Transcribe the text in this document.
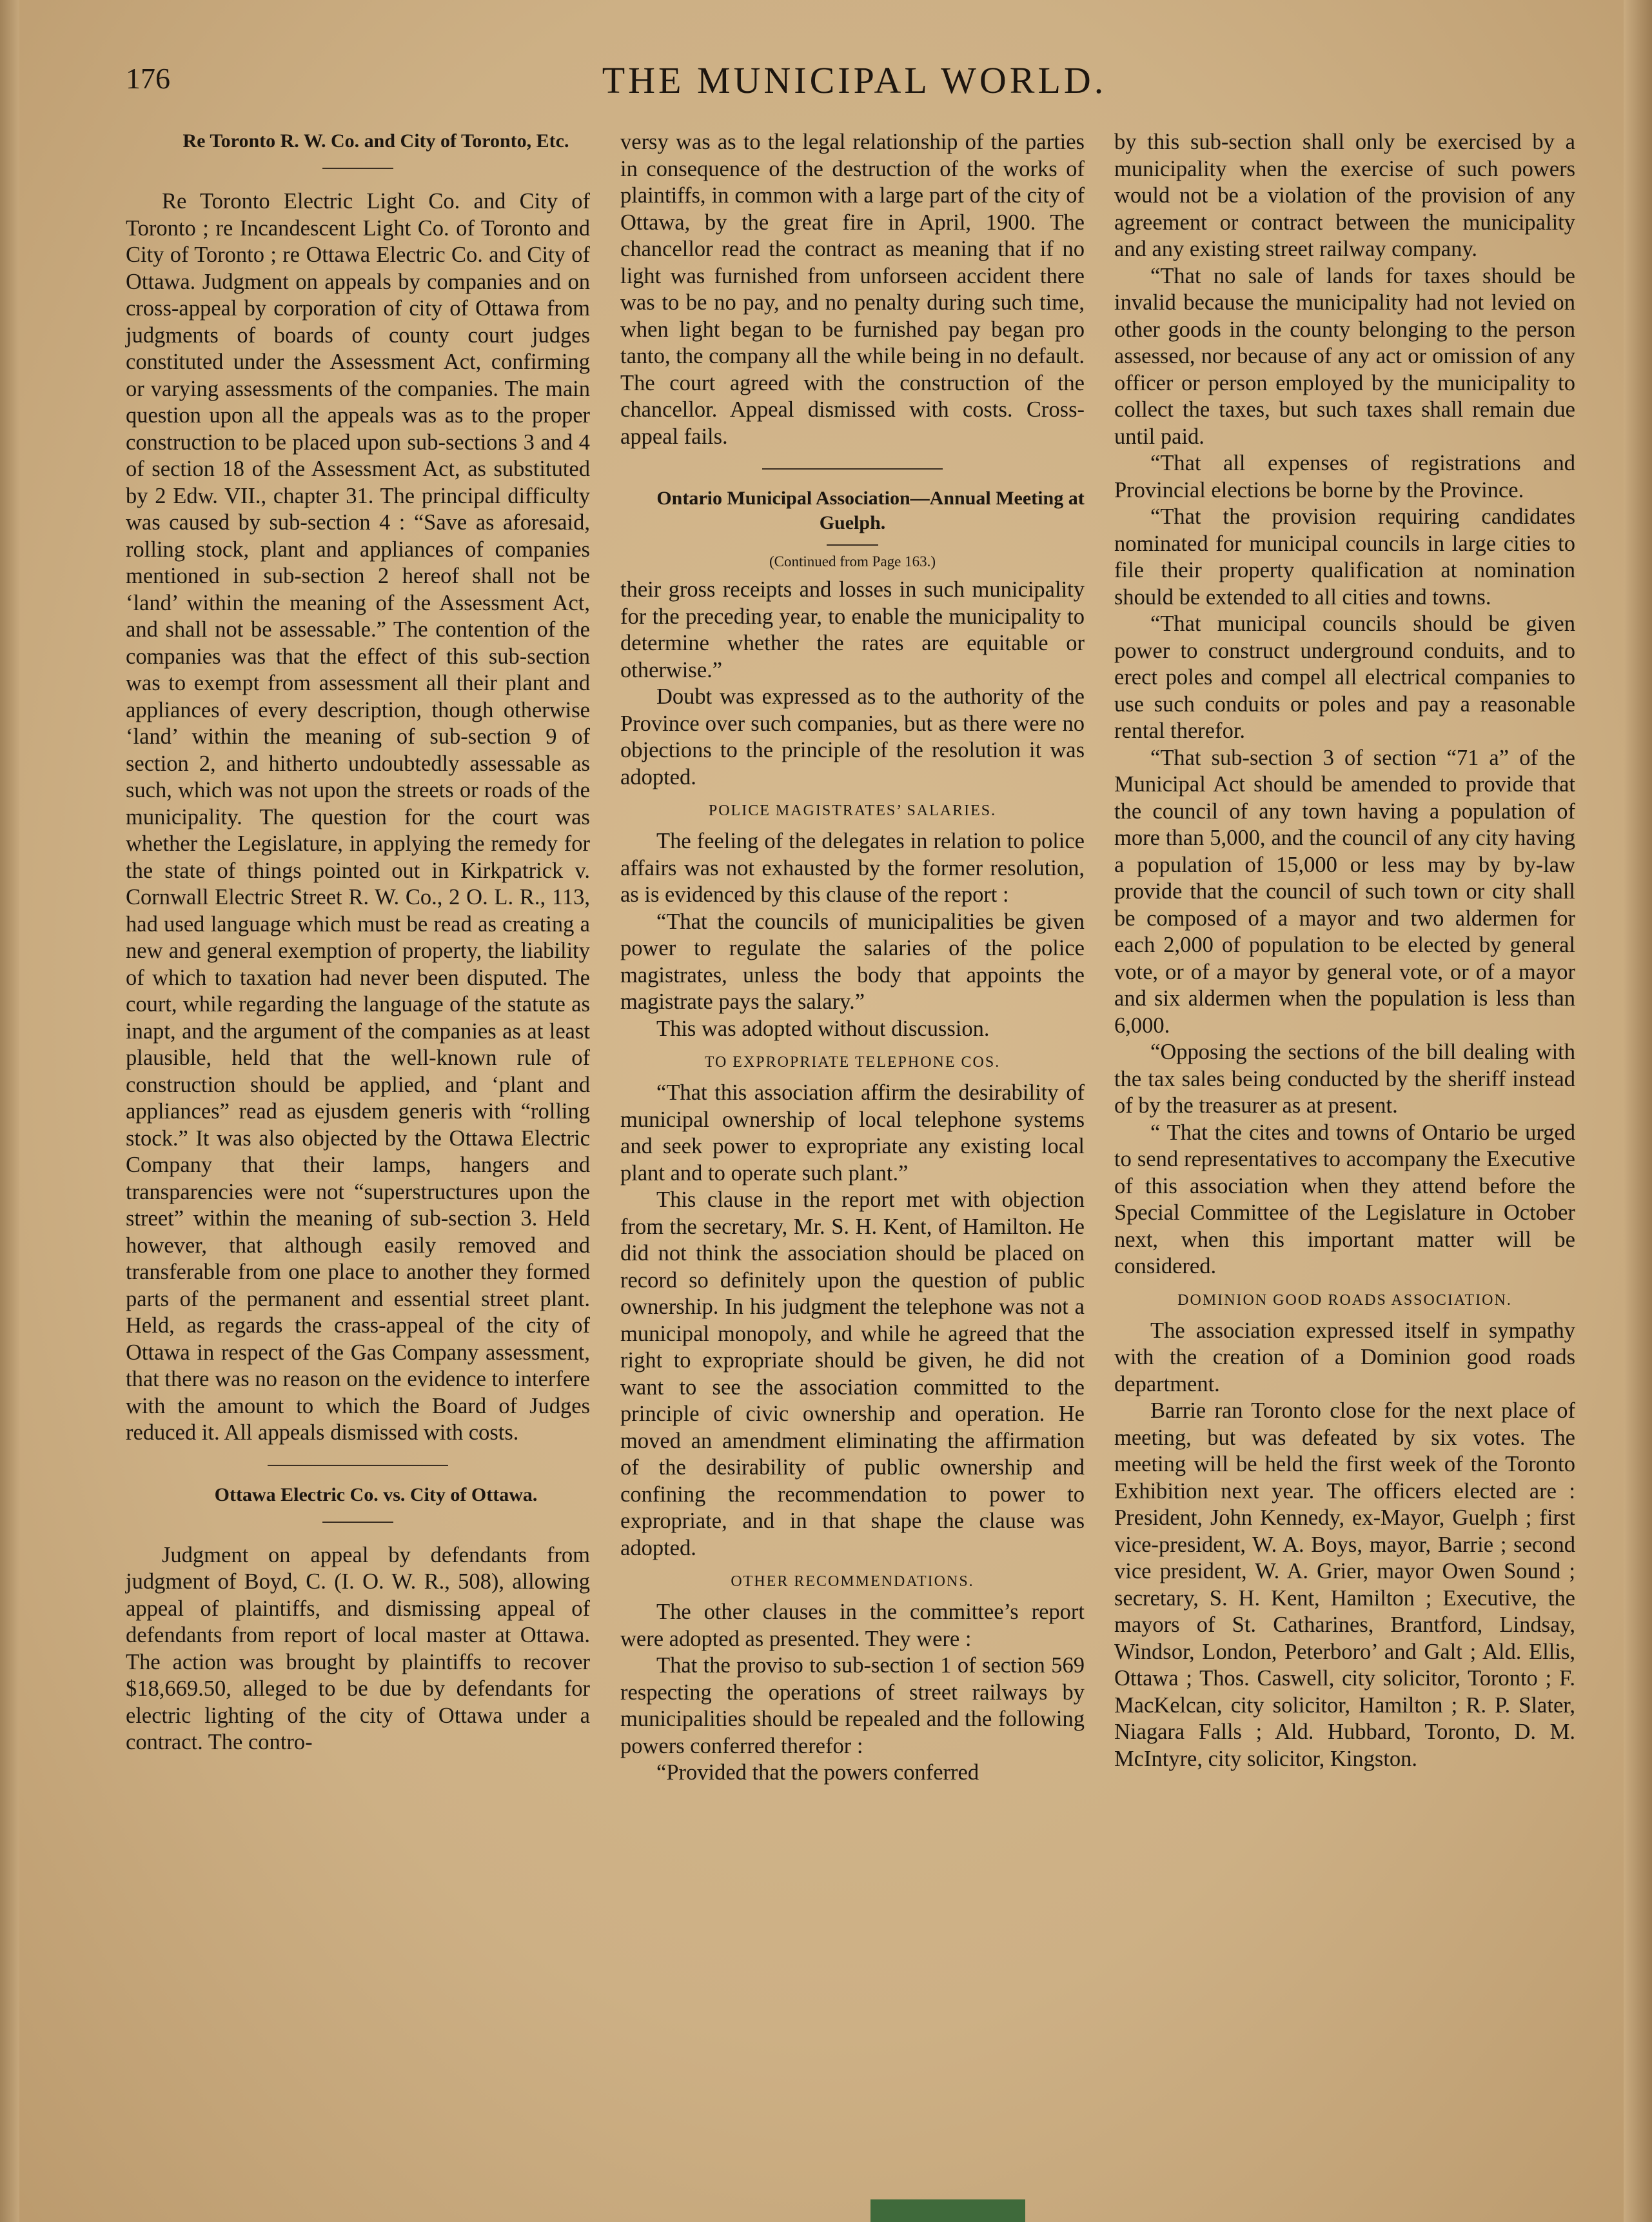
176	THE MUNICIPAL WORLD.

Re Toronto R. W. Co. and City of Toronto, Etc.

Re Toronto Electric Light Co. and City of Toronto ; re Incandescent Light Co. of Toronto and City of Toronto ; re Ottawa Electric Co. and City of Ottawa. Judgment on appeals by companies and on cross-appeal by corporation of city of Ottawa from judgments of boards of county court judges constituted under the Assessment Act, confirming or varying assessments of the companies. The main question upon all the appeals was as to the proper construction to be placed upon sub-sections 3 and 4 of section 18 of the Assessment Act, as substituted by 2 Edw. VII., chapter 31. The principal difficulty was caused by sub-section 4 : “Save as aforesaid, rolling stock, plant and appliances of companies mentioned in sub-section 2 hereof shall not be ‘land’ within the meaning of the Assessment Act, and shall not be assessable.” The contention of the companies was that the effect of this sub-section was to exempt from assessment all their plant and appliances of every description, though otherwise ‘land’ within the meaning of sub-section 9 of section 2, and hitherto undoubtedly assessable as such, which was not upon the streets or roads of the municipality. The question for the court was whether the Legislature, in applying the remedy for the state of things pointed out in Kirkpatrick v. Cornwall Electric Street R. W. Co., 2 O. L. R., 113, had used language which must be read as creating a new and general exemption of property, the liability of which to taxation had never been disputed. The court, while regarding the language of the statute as inapt, and the argument of the companies as at least plausible, held that the well-known rule of construction should be applied, and ‘plant and appliances” read as ejusdem generis with “rolling stock.” It was also objected by the Ottawa Electric Company that their lamps, hangers and transparencies were not “superstructures upon the street” within the meaning of sub-section 3. Held however, that although easily removed and transferable from one place to another they formed parts of the permanent and essential street plant. Held, as regards the crass-appeal of the city of Ottawa in respect of the Gas Company assessment, that there was no reason on the evidence to interfere with the amount to which the Board of Judges reduced it. All appeals dismissed with costs.

Ottawa Electric Co. vs. City of Ottawa.

Judgment on appeal by defendants from judgment of Boyd, C. (I. O. W. R., 508), allowing appeal of plaintiffs, and dismissing appeal of defendants from report of local master at Ottawa. The action was brought by plaintiffs to recover $18,669.50, alleged to be due by defendants for electric lighting of the city of Ottawa under a contract. The contro-

versy was as to the legal relationship of the parties in consequence of the destruction of the works of plaintiffs, in common with a large part of the city of Ottawa, by the great fire in April, 1900. The chancellor read the contract as meaning that if no light was furnished from unforseen accident there was to be no pay, and no penalty during such time, when light began to be furnished pay began pro tanto, the company all the while being in no default. The court agreed with the construction of the chancellor. Appeal dismissed with costs. Cross-appeal fails.

Ontario Municipal Association—Annual Meeting at Guelph.

(Continued from Page 163.)

their gross receipts and losses in such municipality for the preceding year, to enable the municipality to determine whether the rates are equitable or otherwise.”

Doubt was expressed as to the authority of the Province over such companies, but as there were no objections to the principle of the resolution it was adopted.

POLICE MAGISTRATES’ SALARIES.

The feeling of the delegates in relation to police affairs was not exhausted by the former resolution, as is evidenced by this clause of the report :

“That the councils of municipalities be given power to regulate the salaries of the police magistrates, unless the body that appoints the magistrate pays the salary.”

This was adopted without discussion.

TO EXPROPRIATE TELEPHONE COS.

“That this association affirm the desirability of municipal ownership of local telephone systems and seek power to expropriate any existing local plant and to operate such plant.”

This clause in the report met with objection from the secretary, Mr. S. H. Kent, of Hamilton. He did not think the association should be placed on record so definitely upon the question of public ownership. In his judgment the telephone was not a municipal monopoly, and while he agreed that the right to expropriate should be given, he did not want to see the association committed to the principle of civic ownership and operation. He moved an amendment eliminating the affirmation of the desirability of public ownership and confining the recommendation to power to expropriate, and in that shape the clause was adopted.

OTHER RECOMMENDATIONS.

The other clauses in the committee’s report were adopted as presented. They were :

That the proviso to sub-section 1 of section 569 respecting the operations of street railways by municipalities should be repealed and the following powers conferred therefor :

“Provided that the powers conferred

by this sub-section shall only be exercised by a municipality when the exercise of such powers would not be a violation of the provision of any agreement or contract between the municipality and any existing street railway company.

“That no sale of lands for taxes should be invalid because the municipality had not levied on other goods in the county belonging to the person assessed, nor because of any act or omission of any officer or person employed by the municipality to collect the taxes, but such taxes shall remain due until paid.

“That all expenses of registrations and Provincial elections be borne by the Province.

“That the provision requiring candidates nominated for municipal councils in large cities to file their property qualification at nomination should be extended to all cities and towns.

“That municipal councils should be given power to construct underground conduits, and to erect poles and compel all electrical companies to use such conduits or poles and pay a reasonable rental therefor.

“That sub-section 3 of section “71 a” of the Municipal Act should be amended to provide that the council of any town having a population of more than 5,000, and the council of any city having a population of 15,000 or less may by by-law provide that the council of such town or city shall be composed of a mayor and two aldermen for each 2,000 of population to be elected by general vote, or of a mayor by general vote, or of a mayor and six aldermen when the population is less than 6,000.

“Opposing the sections of the bill dealing with the tax sales being conducted by the sheriff instead of by the treasurer as at present.

“ That the cites and towns of Ontario be urged to send representatives to accompany the Executive of this association when they attend before the Special Committee of the Legislature in October next, when this important matter will be considered.

DOMINION GOOD ROADS ASSOCIATION.

The association expressed itself in sympathy with the creation of a Dominion good roads department.

Barrie ran Toronto close for the next place of meeting, but was defeated by six votes. The meeting will be held the first week of the Toronto Exhibition next year. The officers elected are : President, John Kennedy, ex-Mayor, Guelph ; first vice-president, W. A. Boys, mayor, Barrie ; second vice president, W. A. Grier, mayor Owen Sound ; secretary, S. H. Kent, Hamilton ; Executive, the mayors of St. Catharines, Brantford, Lindsay, Windsor, London, Peterboro’ and Galt ; Ald. Ellis, Ottawa ; Thos. Caswell, city solicitor, Toronto ; F. MacKelcan, city solicitor, Hamilton ; R. P. Slater, Niagara Falls ; Ald. Hubbard, Toronto, D. M. McIntyre, city solicitor, Kingston.
